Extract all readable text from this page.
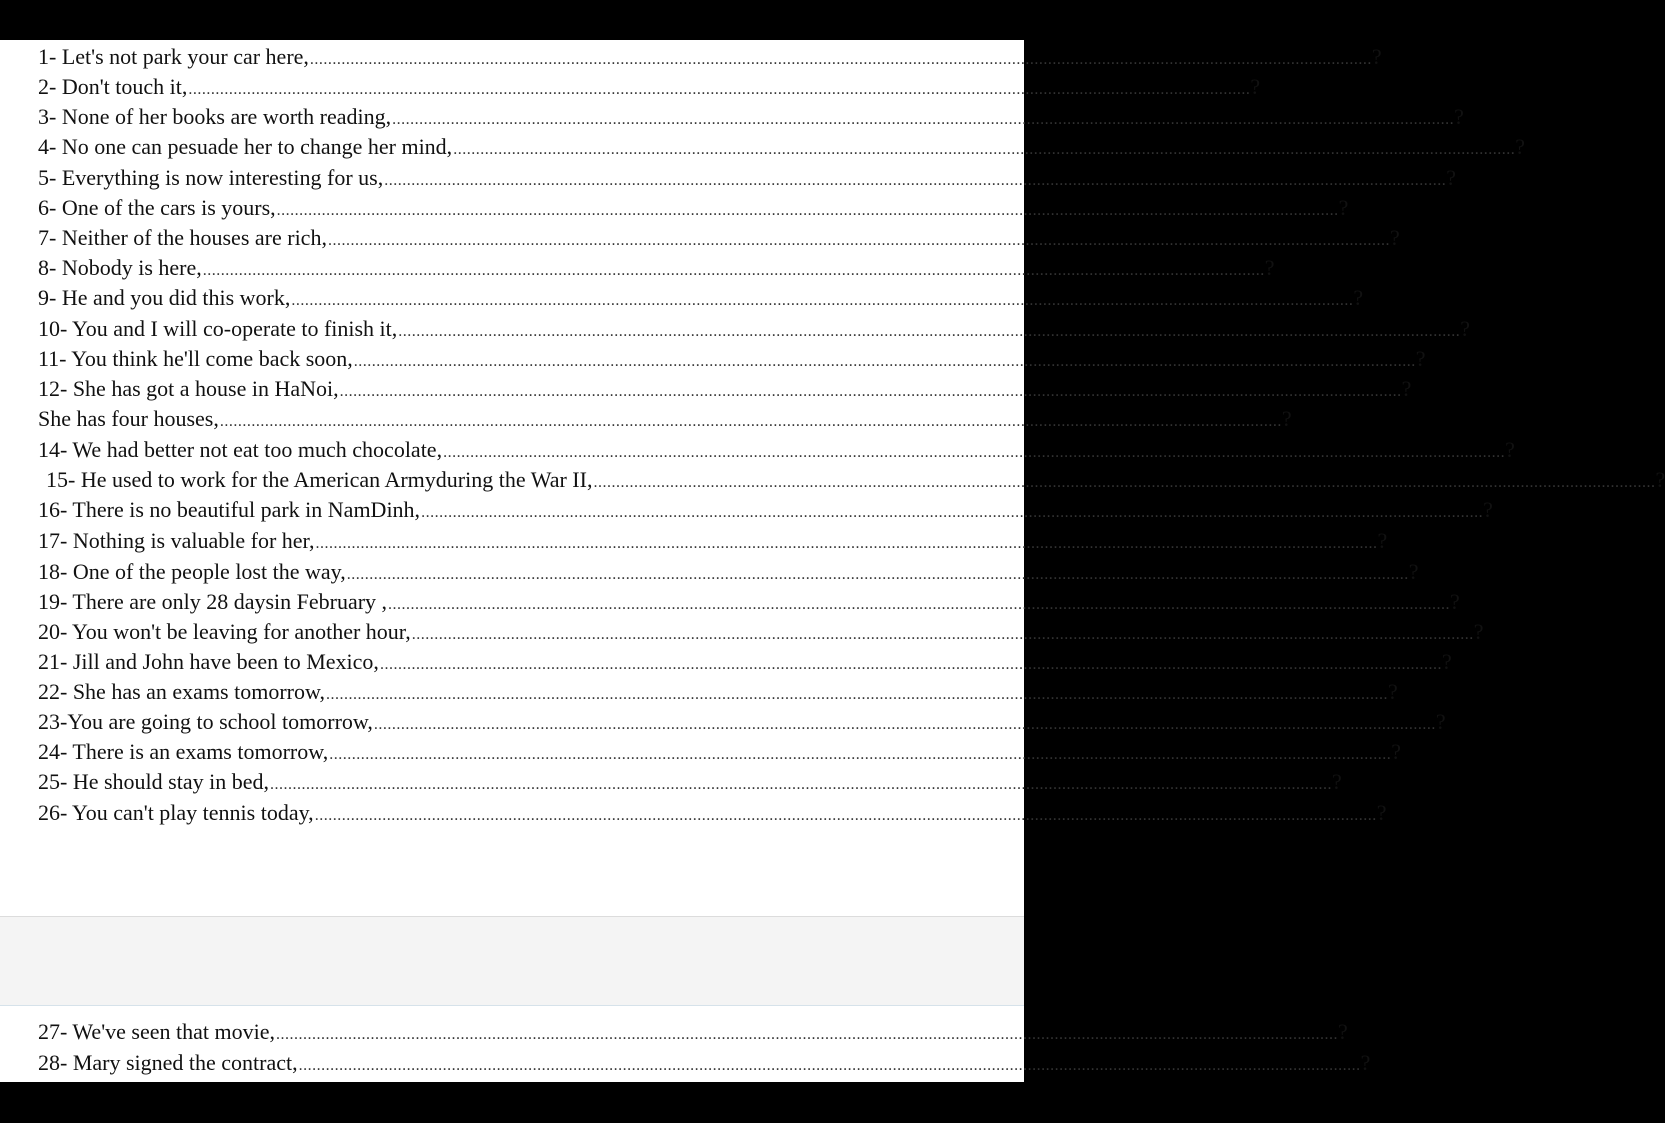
1- Let's not park your car here, ............................................................................................................................................................................................................................................ ?
2- Don't touch it, ............................................................................................................................................................................................................................................ ?
3- None of her books are worth reading, ............................................................................................................................................................................................................................................ ?
4- No one can pesuade her to change her mind, ............................................................................................................................................................................................................................................ ?
5- Everything is now interesting for us, ............................................................................................................................................................................................................................................ ?
6- One of the cars is yours, ............................................................................................................................................................................................................................................ ?
7- Neither of the houses are rich, ............................................................................................................................................................................................................................................ ?
8- Nobody is here, ............................................................................................................................................................................................................................................ ?
9- He and you did this work, ............................................................................................................................................................................................................................................ ?
10- You and I will co-operate to finish it, ............................................................................................................................................................................................................................................ ?
11- You think he'll come back soon, ............................................................................................................................................................................................................................................ ?
12- She has got a house in HaNoi, ............................................................................................................................................................................................................................................ ?
She has four houses, ............................................................................................................................................................................................................................................ ?
14- We had better not eat too much chocolate, ............................................................................................................................................................................................................................................ ?
15- He used to work for the American Armyduring the War II, ............................................................................................................................................................................................................................................ ?
16- There is no beautiful park in NamDinh, ............................................................................................................................................................................................................................................ ?
17- Nothing is valuable for her, ............................................................................................................................................................................................................................................ ?
18- One of the people lost the way, ............................................................................................................................................................................................................................................ ?
19- There are only 28 daysin February , ............................................................................................................................................................................................................................................ ?
20- You won't be leaving for another hour, ............................................................................................................................................................................................................................................ ?
21- Jill and John have been to Mexico, ............................................................................................................................................................................................................................................ ?
22- She has an exams tomorrow, ............................................................................................................................................................................................................................................ ?
23-You are going to school tomorrow, ............................................................................................................................................................................................................................................ ?
24- There is an exams tomorrow, ............................................................................................................................................................................................................................................ ?
25- He should stay in bed, ............................................................................................................................................................................................................................................ ?
26- You can't play tennis today, ............................................................................................................................................................................................................................................ ?
27- We've seen that movie, ............................................................................................................................................................................................................................................ ?
28- Mary signed the contract, ............................................................................................................................................................................................................................................ ?
